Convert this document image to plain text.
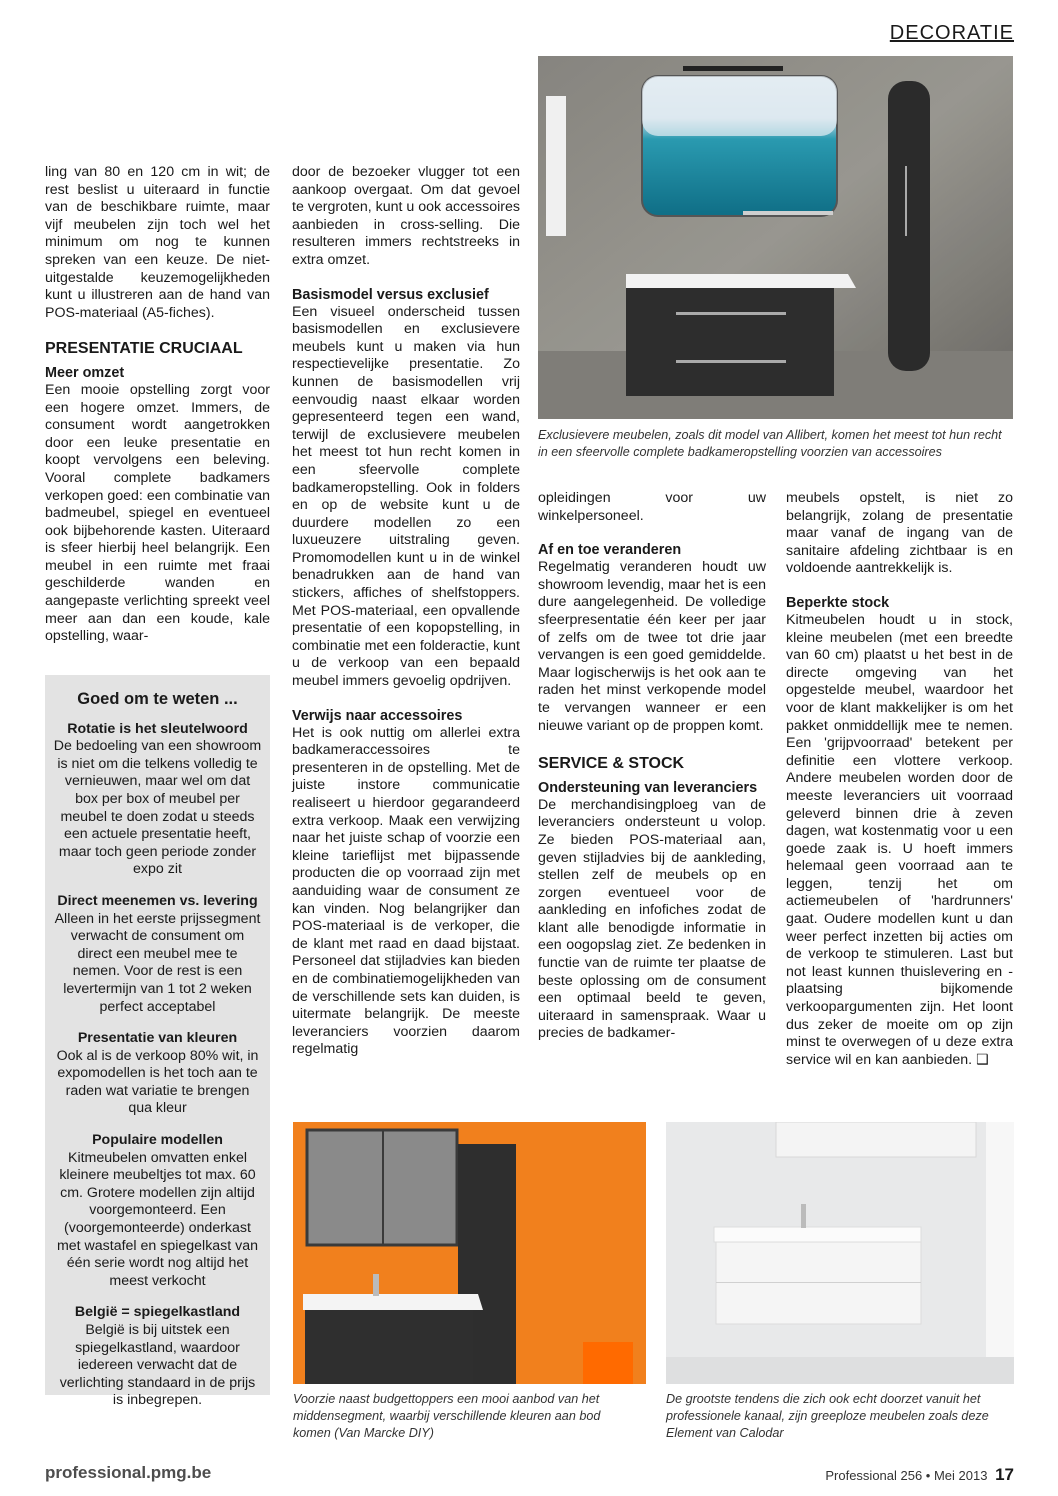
DECORATIE
Exclusievere meubelen, zoals dit model van Allibert, komen het meest tot hun recht in een sfeervolle complete badkameropstelling voorzien van accessoires

ling van 80 en 120 cm in wit; de rest beslist u uiteraard in functie van de beschikbare ruimte, maar vijf meubelen zijn toch wel het minimum om nog te kunnen spreken van een keuze. De niet-uitgestalde keuzemogelijkheden kunt u illustreren aan de hand van POS-materiaal (A5-fiches).

PRESENTATIE CRUCIAAL
Meer omzet

Een mooie opstelling zorgt voor een hogere omzet. Immers, de consument wordt aangetrokken door een leuke presentatie en koopt vervolgens een beleving. Vooral complete badkamers verkopen goed: een combinatie van badmeubel, spiegel en eventueel ook bijbehorende kasten. Uiteraard is sfeer hierbij heel belangrijk. Een meubel in een ruimte met fraai geschilderde wanden en aangepaste verlichting spreekt veel meer aan dan een koude, kale opstelling, waar-

Goed om te weten ...
Rotatie is het sleutelwoord

De bedoeling van een showroom is niet om die telkens volledig te vernieuwen, maar wel om dat box per box of meubel per meubel te doen zodat u steeds een actuele presentatie heeft, maar toch geen periode zonder expo zit

Direct meenemen vs. levering

Alleen in het eerste prijssegment verwacht de consument om direct een meubel mee te nemen. Voor de rest is een levertermijn van 1 tot 2 weken perfect acceptabel

Presentatie van kleuren

Ook al is de verkoop 80% wit, in expomodellen is het toch aan te raden wat variatie te brengen qua kleur

Populaire modellen

Kitmeubelen omvatten enkel kleinere meubeltjes tot max. 60 cm. Grotere modellen zijn altijd voorgemonteerd. Een (voorgemonteerde) onderkast met wastafel en spiegelkast van één serie wordt nog altijd het meest verkocht

België = spiegelkastland

België is bij uitstek een spiegelkastland, waardoor iedereen verwacht dat de verlichting standaard in de prijs is inbegrepen.

door de bezoeker vlugger tot een aankoop overgaat. Om dat gevoel te vergroten, kunt u ook accessoires aanbieden in cross-selling. Die resulteren immers rechtstreeks in extra omzet.

Basismodel versus exclusief

Een visueel onderscheid tussen basismodellen en exclusievere meubels kunt u maken via hun respectievelijke presentatie. Zo kunnen de basismodellen vrij eenvoudig naast elkaar worden gepresenteerd tegen een wand, terwijl de exclusievere meubelen het meest tot hun recht komen in een sfeervolle complete badkameropstelling. Ook in folders en op de website kunt u de duurdere modellen zo een luxueuzere uitstraling geven. Promomodellen kunt u in de winkel benadrukken aan de hand van stickers, affiches of shelfstoppers. Met POS-materiaal, een opvallende presentatie of een kopopstelling, in combinatie met een folderactie, kunt u de verkoop van een bepaald meubel immers gevoelig opdrijven.

Verwijs naar accessoires

Het is ook nuttig om allerlei extra badkameraccessoires te presenteren in de opstelling. Met de juiste instore communicatie realiseert u hierdoor gegarandeerd extra verkoop. Maak een verwijzing naar het juiste schap of voorzie een kleine tarieflijst met bijpassende producten die op voorraad zijn met aanduiding waar de consument ze kan vinden. Nog belangrijker dan POS-materiaal is de verkoper, die de klant met raad en daad bijstaat. Personeel dat stijladvies kan bieden en de combinatiemogelijkheden van de verschillende sets kan duiden, is uitermate belangrijk. De meeste leveranciers voorzien daarom regelmatig

opleidingen voor uw winkelpersoneel.

Af en toe veranderen

Regelmatig veranderen houdt uw showroom levendig, maar het is een dure aangelegenheid. De volledige sfeerpresentatie één keer per jaar of zelfs om de twee tot drie jaar vervangen is een goed gemiddelde. Maar logischerwijs is het ook aan te raden het minst verkopende model te vervangen wanneer er een nieuwe variant op de proppen komt.

SERVICE & STOCK
Ondersteuning van leveranciers

De merchandisingploeg van de leveranciers ondersteunt u volop. Ze bieden POS-materiaal aan, geven stijladvies bij de aankleding, stellen zelf de meubels op en zorgen eventueel voor de aankleding en infofiches zodat de klant alle benodigde informatie in een oogopslag ziet. Ze bedenken in functie van de ruimte ter plaatse de beste oplossing om de consument een optimaal beeld te geven, uiteraard in samenspraak. Waar u precies de badkamer-

meubels opstelt, is niet zo belangrijk, zolang de presentatie maar vanaf de ingang van de sanitaire afdeling zichtbaar is en voldoende aantrekkelijk is.

Beperkte stock

Kitmeubelen houdt u in stock, kleine meubelen (met een breedte van 60 cm) plaatst u het best in de directe omgeving van het opgestelde meubel, waardoor het voor de klant makkelijker is om het pakket onmiddellijk mee te nemen. Een 'grijpvoorraad' betekent per definitie een vlottere verkoop. Andere meubelen worden door de meeste leveranciers uit voorraad geleverd binnen drie à zeven dagen, wat kostenmatig voor u een goede zaak is. U hoeft immers helemaal geen voorraad aan te leggen, tenzij het om actiemeubelen of 'hardrunners' gaat. Oudere modellen kunt u dan weer perfect inzetten bij acties om de verkoop te stimuleren. Last but not least kunnen thuislevering en -plaatsing bijkomende verkoopargumenten zijn. Het loont dus zeker de moeite om op zijn minst te overwegen of u deze extra service wil en kan aanbieden. ❑

Voorzie naast budgettoppers een mooi aanbod van het middensegment, waarbij verschillende kleuren aan bod komen (Van Marcke DIY)
De grootste tendens die zich ook echt doorzet vanuit het professionele kanaal, zijn greeploze meubelen zoals deze Element van Calodar
professional.pmg.be	Professional 256 • Mei 2013 17
